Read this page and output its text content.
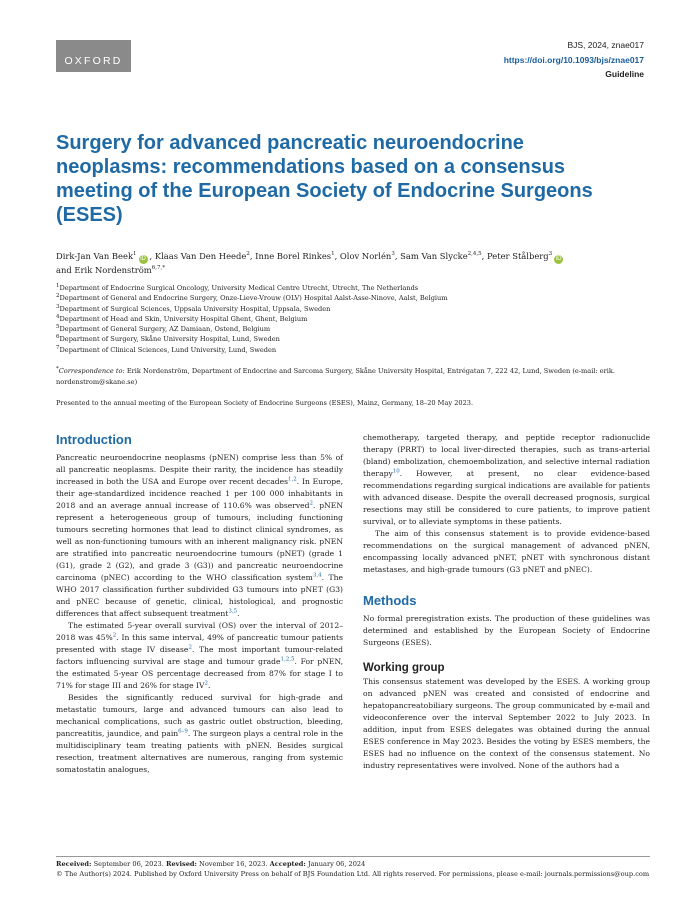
OXFORD
BJS, 2024, znae017
https://doi.org/10.1093/bjs/znae017
Guideline
Surgery for advanced pancreatic neuroendocrine neoplasms: recommendations based on a consensus meeting of the European Society of Endocrine Surgeons (ESES)
Dirk-Jan Van Beek$^1$iD , Klaas Van Den Heede$^2$, Inne Borel Rinkes$^1$, Olov Norlén$^3$, Sam Van Slycke$^{2,4,5}$, Peter Stålberg$^3$iD
and Erik Nordenström$^{6,7,*}$
$^1$Department of Endocrine Surgical Oncology, University Medical Centre Utrecht, Utrecht, The Netherlands
$^2$Department of General and Endocrine Surgery, Onze-Lieve-Vrouw (OLV) Hospital Aalst-Asse-Ninove, Aalst, Belgium
$^3$Department of Surgical Sciences, Uppsala University Hospital, Uppsala, Sweden
$^4$Department of Head and Skin, University Hospital Ghent, Ghent, Belgium
$^5$Department of General Surgery, AZ Damiaan, Ostend, Belgium
$^6$Department of Surgery, Skåne University Hospital, Lund, Sweden
$^7$Department of Clinical Sciences, Lund University, Lund, Sweden
*Correspondence to: Erik Nordenström, Department of Endocrine and Sarcoma Surgery, Skåne University Hospital, Entrégatan 7, 222 42, Lund, Sweden (e-mail: erik. nordenstrom@skane.se)
Presented to the annual meeting of the European Society of Endocrine Surgeons (ESES), Mainz, Germany, 18–20 May 2023.
Introduction

Pancreatic neuroendocrine neoplasms (pNEN) comprise less than 5% of all pancreatic neoplasms. Despite their rarity, the incidence has steadily increased in both the USA and Europe over recent decades$^{1,2}$. In Europe, their age-standardized incidence reached 1 per 100 000 inhabitants in 2018 and an average annual increase of 110.6% was observed$^2$. pNEN represent a heterogeneous group of tumours, including functioning tumours secreting hormones that lead to distinct clinical syndromes, as well as non-functioning tumours with an inherent malignancy risk. pNEN are stratified into pancreatic neuroendocrine tumours (pNET) (grade 1 (G1), grade 2 (G2), and grade 3 (G3)) and pancreatic neuroendocrine carcinoma (pNEC) according to the WHO classification system$^{3,4}$. The WHO 2017 classification further subdivided G3 tumours into pNET (G3) and pNEC because of genetic, clinical, histological, and prognostic differences that affect subsequent treatment$^{3,5}$.

The estimated 5-year overall survival (OS) over the interval of 2012–2018 was 45%$^2$. In this same interval, 49% of pancreatic tumour patients presented with stage IV disease$^2$. The most important tumour-related factors influencing survival are stage and tumour grade$^{1,2,5}$. For pNEN, the estimated 5-year OS percentage decreased from 87% for stage I to 71% for stage III and 26% for stage IV$^2$.

Besides the significantly reduced survival for high-grade and metastatic tumours, large and advanced tumours can also lead to mechanical complications, such as gastric outlet obstruction, bleeding, pancreatitis, jaundice, and pain$^{6-9}$. The surgeon plays a central role in the multidisciplinary team treating patients with pNEN. Besides surgical resection, treatment alternatives are numerous, ranging from systemic somatostatin analogues,

chemotherapy, targeted therapy, and peptide receptor radionuclide therapy (PRRT) to local liver-directed therapies, such as trans-arterial (bland) embolization, chemoembolization, and selective internal radiation therapy$^{10}$. However, at present, no clear evidence-based recommendations regarding surgical indications are available for patients with advanced disease. Despite the overall decreased prognosis, surgical resections may still be considered to cure patients, to improve patient survival, or to alleviate symptoms in these patients.

The aim of this consensus statement is to provide evidence-based recommendations on the surgical management of advanced pNEN, encompassing locally advanced pNET, pNET with synchronous distant metastases, and high-grade tumours (G3 pNET and pNEC).

Methods

No formal preregistration exists. The production of these guidelines was determined and established by the European Society of Endocrine Surgeons (ESES).

Working group

This consensus statement was developed by the ESES. A working group on advanced pNEN was created and consisted of endocrine and hepatopancreatobiliary surgeons. The group communicated by e-mail and videoconference over the interval September 2022 to July 2023. In addition, input from ESES delegates was obtained during the annual ESES conference in May 2023. Besides the voting by ESES members, the ESES had no influence on the context of the consensus statement. No industry representatives were involved. None of the authors had a

Received: September 06, 2023. Revised: November 16, 2023. Accepted: January 06, 2024
© The Author(s) 2024. Published by Oxford University Press on behalf of BJS Foundation Ltd. All rights reserved. For permissions, please e-mail: journals.permissions@oup.com
